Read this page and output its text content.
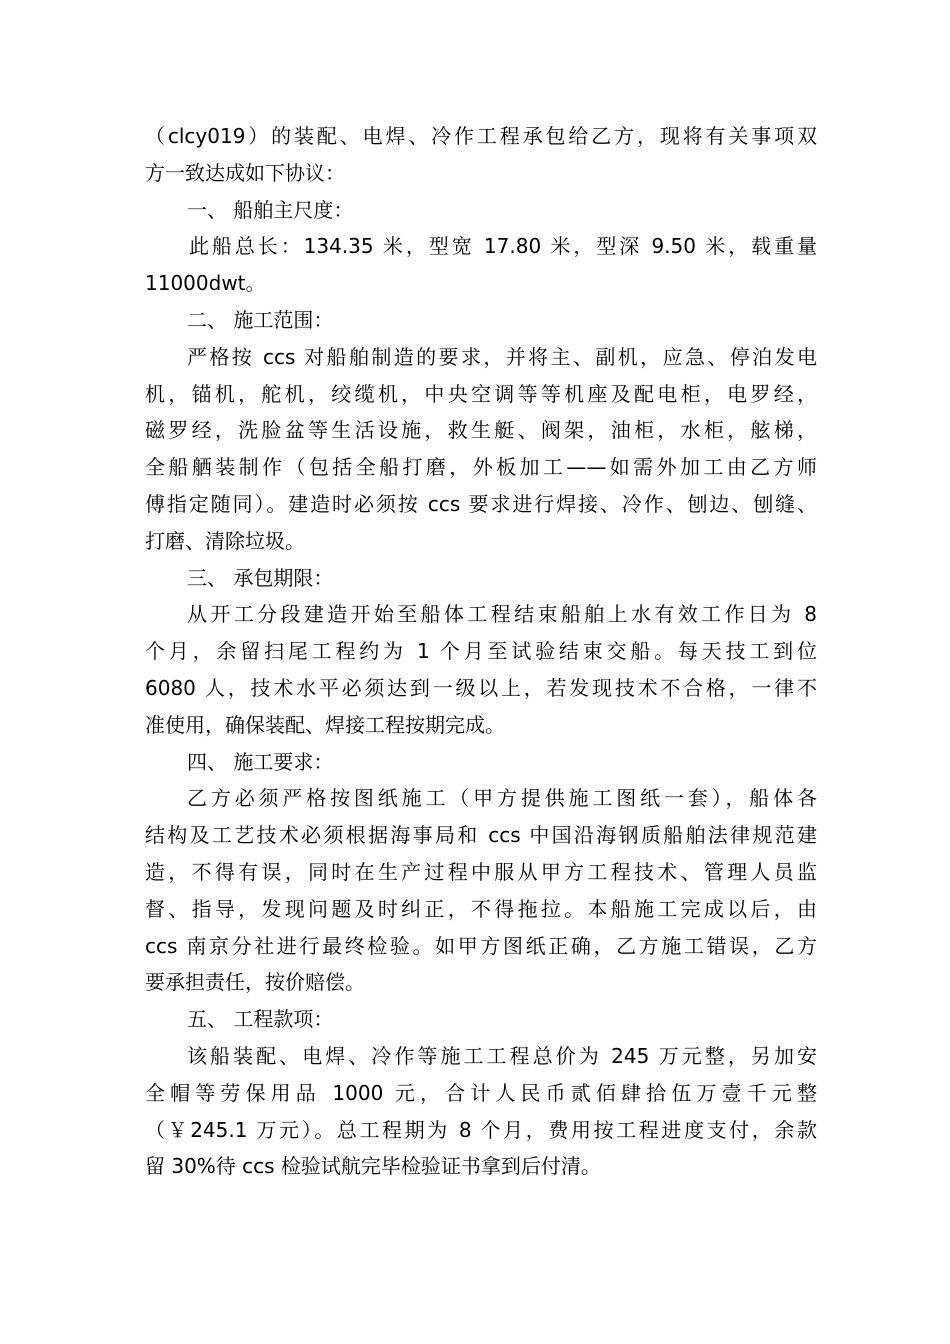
（clcy019）的装配、电焊、冷作工程承包给乙方，现将有关事项双
方一致达成如下协议：
一、 船舶主尺度：
此船总长：134.35 米，型宽 17.80 米，型深 9.50 米，载重量
11000dwt。
二、 施工范围：
严格按 ccs 对船舶制造的要求，并将主、副机，应急、停泊发电
机，锚机，舵机，绞缆机，中央空调等等机座及配电柜，电罗经，
磁罗经，洗脸盆等生活设施，救生艇、阀架，油柜，水柜，舷梯，
全船舾装制作（包括全船打磨，外板加工——如需外加工由乙方师
傅指定随同）。建造时必须按 ccs 要求进行焊接、冷作、刨边、刨缝、
打磨、清除垃圾。
三、 承包期限：
从开工分段建造开始至船体工程结束船舶上水有效工作日为 8
个月，余留扫尾工程约为 1 个月至试验结束交船。每天技工到位
6080 人，技术水平必须达到一级以上，若发现技术不合格，一律不
准使用，确保装配、焊接工程按期完成。
四、 施工要求：
乙方必须严格按图纸施工（甲方提供施工图纸一套），船体各
结构及工艺技术必须根据海事局和 ccs 中国沿海钢质船舶法律规范建
造，不得有误，同时在生产过程中服从甲方工程技术、管理人员监
督、指导，发现问题及时纠正，不得拖拉。本船施工完成以后，由
ccs 南京分社进行最终检验。如甲方图纸正确，乙方施工错误，乙方
要承担责任，按价赔偿。
五、 工程款项：
该船装配、电焊、冷作等施工工程总价为 245 万元整，另加安
全帽等劳保用品 1000 元，合计人民币贰佰肆拾伍万壹千元整
（￥245.1 万元）。总工程期为 8 个月，费用按工程进度支付，余款
留 30%待 ccs 检验试航完毕检验证书拿到后付清。
